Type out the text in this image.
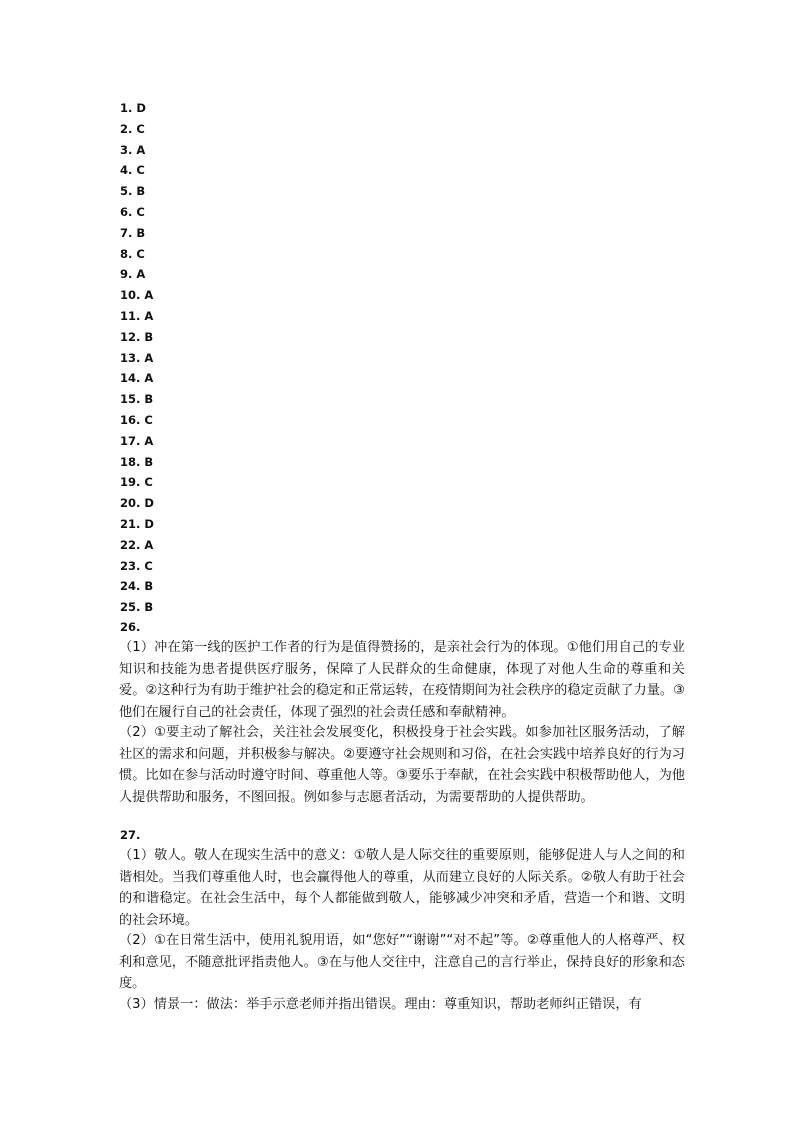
1. D
2. C
3. A
4. C
5. B
6. C
7. B
8. C
9. A
10. A
11. A
12. B
13. A
14. A
15. B
16. C
17. A
18. B
19. C
20. D
21. D
22. A
23. C
24. B
25. B
26.

（1）冲在第一线的医护工作者的行为是值得赞扬的，是亲社会行为的体现。①他们用自己的专业知识和技能为患者提供医疗服务，保障了人民群众的生命健康，体现了对他人生命的尊重和关爱。②这种行为有助于维护社会的稳定和正常运转，在疫情期间为社会秩序的稳定贡献了力量。③他们在履行自己的社会责任，体现了强烈的社会责任感和奉献精神。

（2）①要主动了解社会，关注社会发展变化，积极投身于社会实践。如参加社区服务活动，了解社区的需求和问题，并积极参与解决。②要遵守社会规则和习俗，在社会实践中培养良好的行为习惯。比如在参与活动时遵守时间、尊重他人等。③要乐于奉献，在社会实践中积极帮助他人，为他人提供帮助和服务，不图回报。例如参与志愿者活动，为需要帮助的人提供帮助。

27.

（1）敬人。敬人在现实生活中的意义：①敬人是人际交往的重要原则，能够促进人与人之间的和谐相处。当我们尊重他人时，也会赢得他人的尊重，从而建立良好的人际关系。②敬人有助于社会的和谐稳定。在社会生活中，每个人都能做到敬人，能够减少冲突和矛盾，营造一个和谐、文明的社会环境。

（2）①在日常生活中，使用礼貌用语，如“您好”“谢谢”“对不起”等。②尊重他人的人格尊严、权利和意见，不随意批评指责他人。③在与他人交往中，注意自己的言行举止，保持良好的形象和态度。

（3）情景一：做法：举手示意老师并指出错误。理由：尊重知识，帮助老师纠正错误，有
